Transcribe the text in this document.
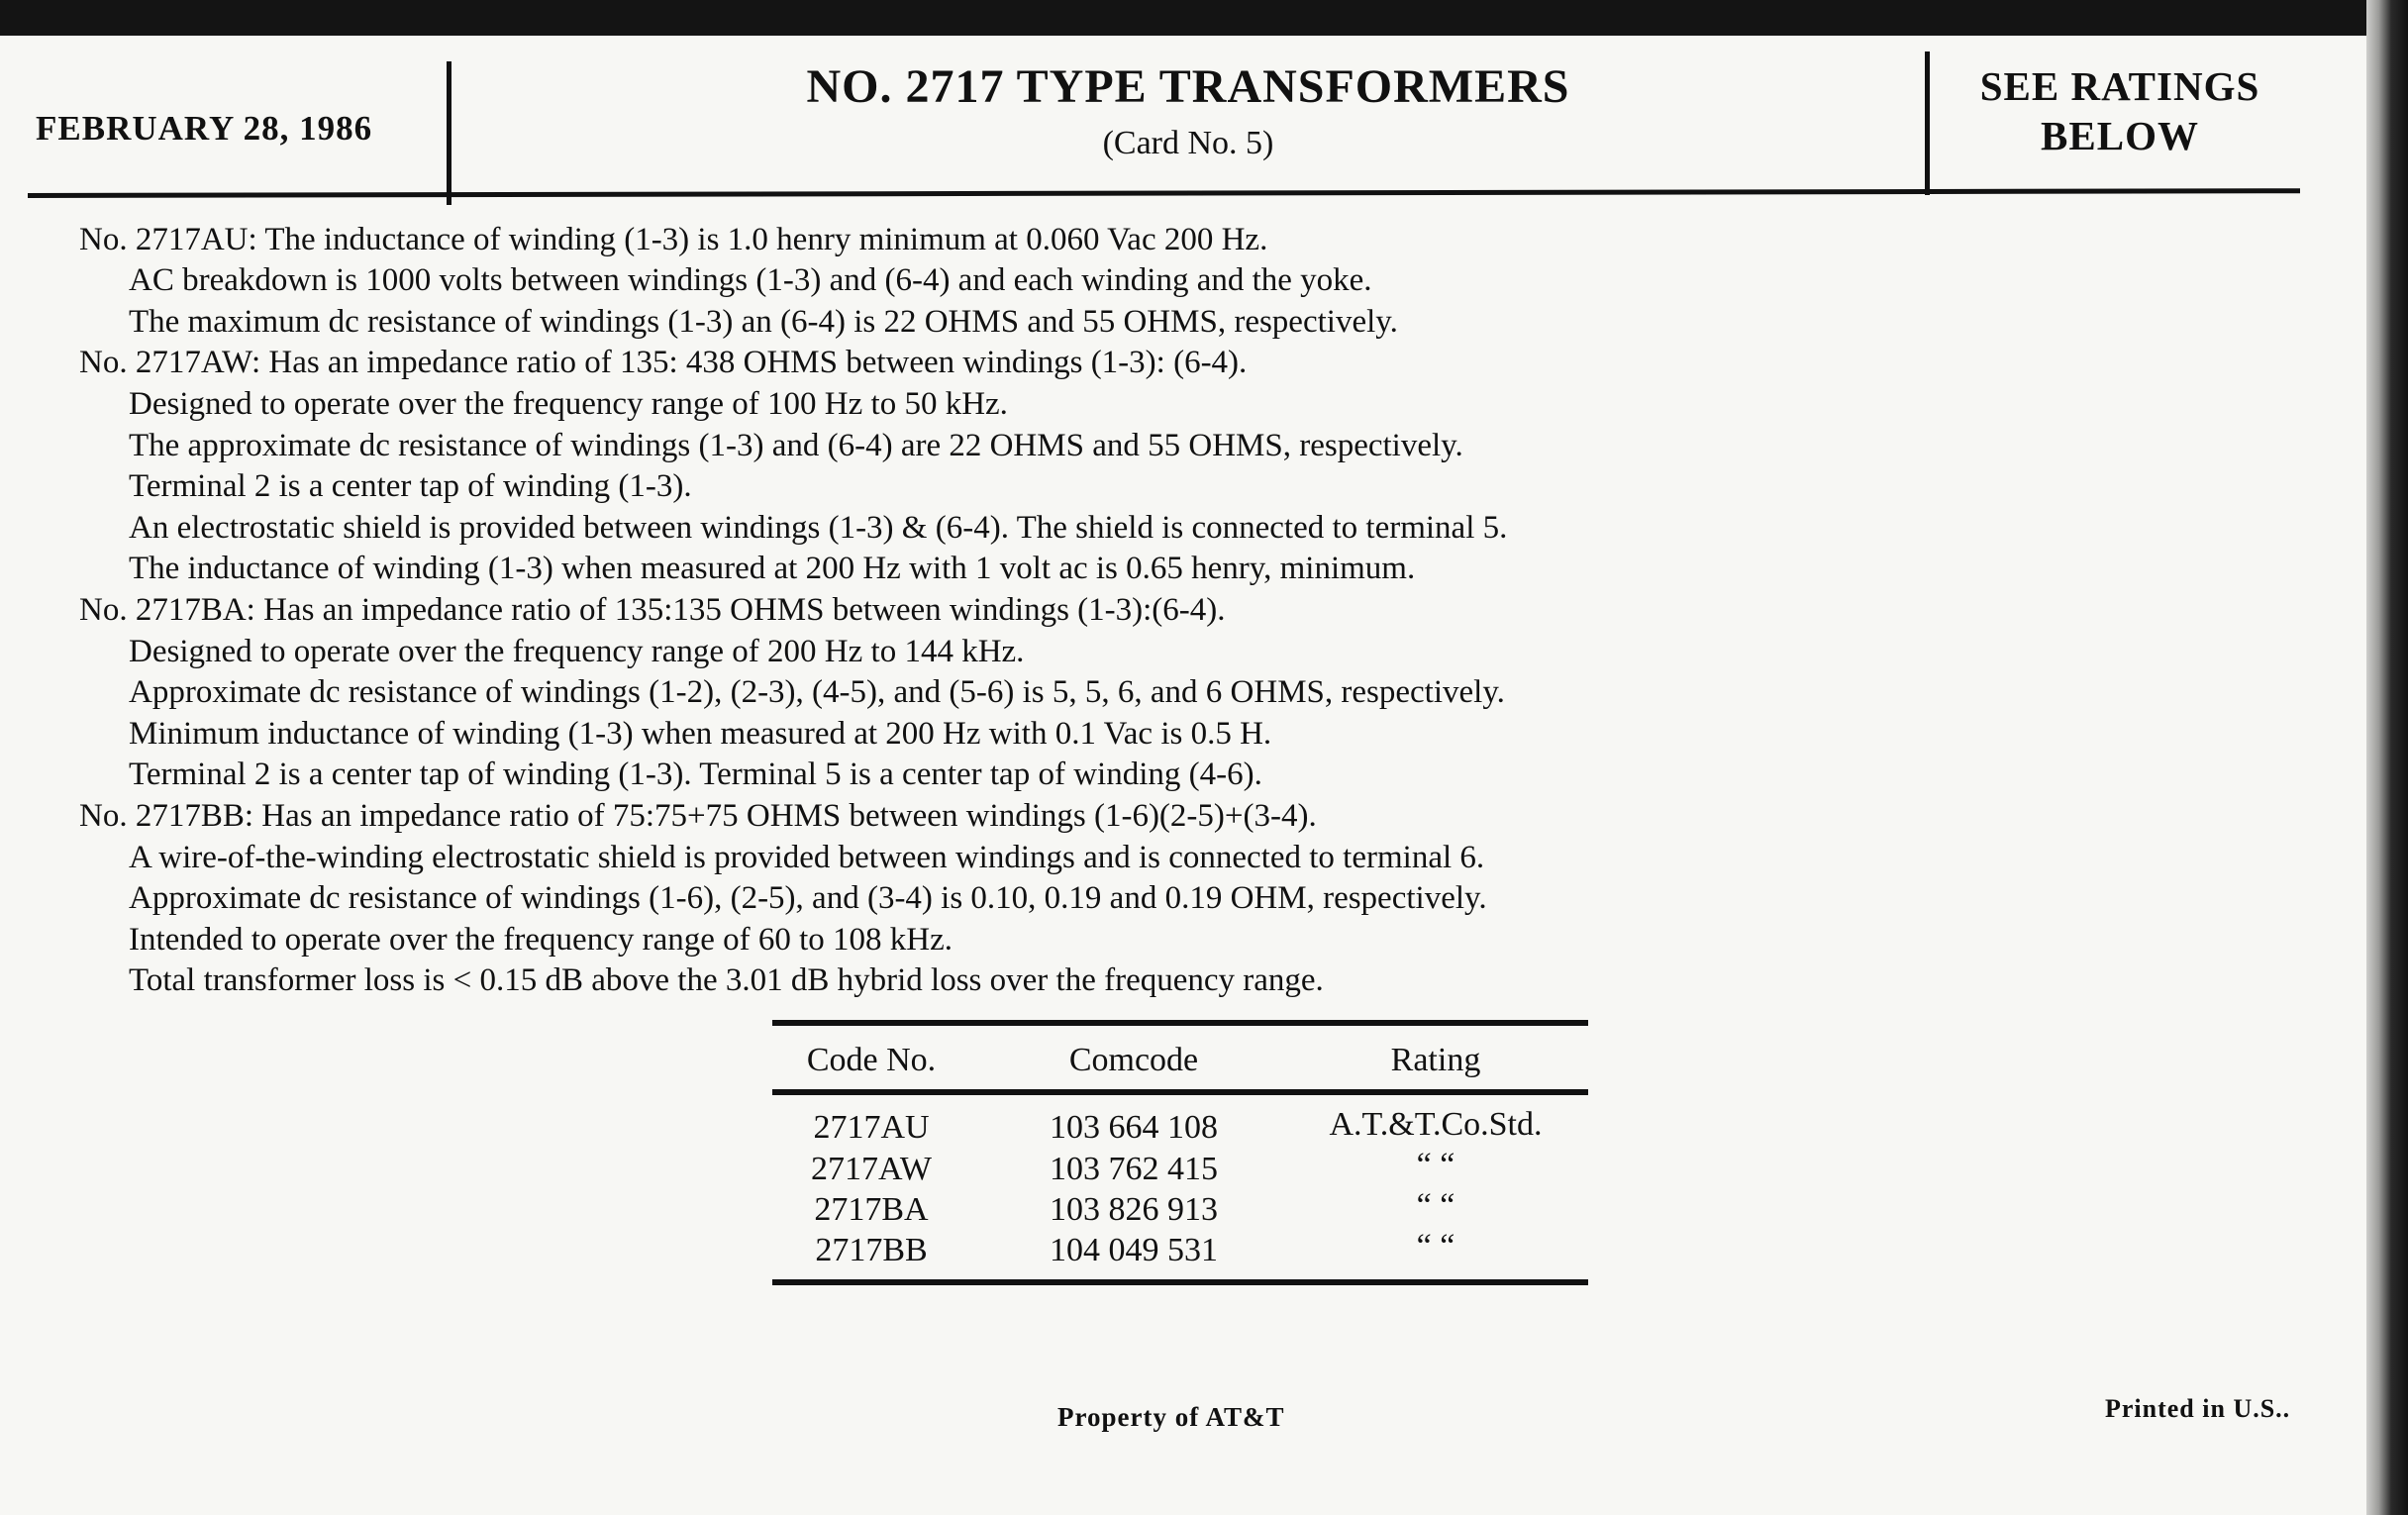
FEBRUARY 28, 1986
NO. 2717 TYPE TRANSFORMERS
(Card No. 5)
SEE RATINGS
BELOW
No. 2717AU: The inductance of winding (1-3) is 1.0 henry minimum at 0.060 Vac 200 Hz.
AC breakdown is 1000 volts between windings (1-3) and (6-4) and each winding and the yoke.
The maximum dc resistance of windings (1-3) an (6-4) is 22 OHMS and 55 OHMS, respectively.
No. 2717AW: Has an impedance ratio of 135: 438 OHMS between windings (1-3): (6-4).
Designed to operate over the frequency range of 100 Hz to 50 kHz.
The approximate dc resistance of windings (1-3) and (6-4) are 22 OHMS and 55 OHMS, respectively.
Terminal 2 is a center tap of winding (1-3).
An electrostatic shield is provided between windings (1-3) & (6-4). The shield is connected to terminal 5.
The inductance of winding (1-3) when measured at 200 Hz with 1 volt ac is 0.65 henry, minimum.
No. 2717BA: Has an impedance ratio of 135:135 OHMS between windings (1-3):(6-4).
Designed to operate over the frequency range of 200 Hz to 144 kHz.
Approximate dc resistance of windings (1-2), (2-3), (4-5), and (5-6) is 5, 5, 6, and 6 OHMS, respectively.
Minimum inductance of winding (1-3) when measured at 200 Hz with 0.1 Vac is 0.5 H.
Terminal 2 is a center tap of winding (1-3). Terminal 5 is a center tap of winding (4-6).
No. 2717BB: Has an impedance ratio of 75:75+75 OHMS between windings (1-6)(2-5)+(3-4).
A wire-of-the-winding electrostatic shield is provided between windings and is connected to terminal 6.
Approximate dc resistance of windings (1-6), (2-5), and (3-4) is 0.10, 0.19 and 0.19 OHM, respectively.
Intended to operate over the frequency range of 60 to 108 kHz.
Total transformer loss is < 0.15 dB above the 3.01 dB hybrid loss over the frequency range.
Code No.	Comcode	Rating
2717AU	103 664 108	A.T.&T.Co.Std.
2717AW	103 762 415	“ “
2717BA	103 826 913	“ “
2717BB	104 049 531	“ “
Property of AT&T	Printed in U.S..
